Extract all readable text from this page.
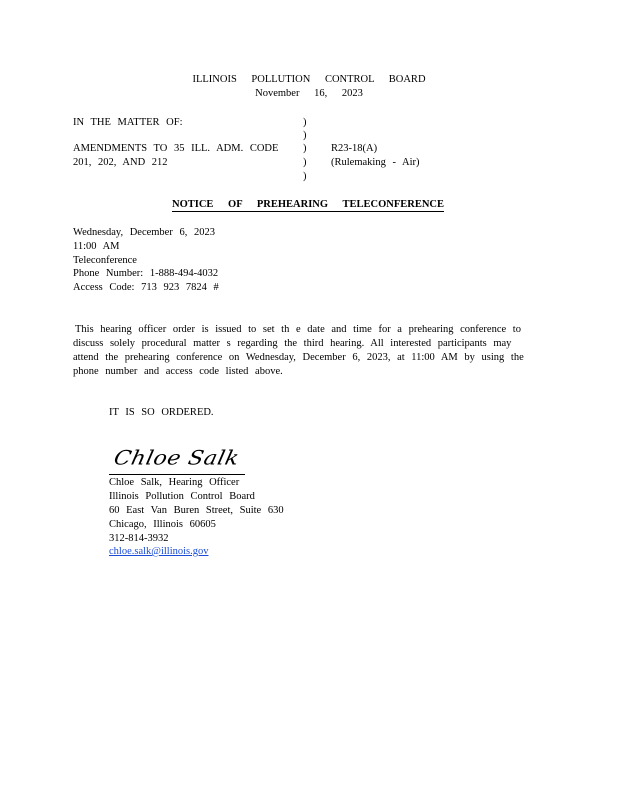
ILLINOIS POLLUTION CONTROL BOARD
November 16, 2023
IN THE MATTER OF:	)
)
AMENDMENTS TO 35 ILL. ADM. CODE ) R23-18(A)
201, 202, AND 212	) (Rulemaking - Air)
)
NOTICE OF PREHEARING TELECONFERENCE
Wednesday, December 6, 2023
11:00 AM
Teleconference
Phone Number: 1-888-494-4032
Access Code: 713 923 7824 #
This hearing officer order is issued to set th e date and time for a prehearing conference to
discuss solely procedural matter s regarding the third hearing. All interested participants may
attend the prehearing conference on Wednesday, December 6, 2023, at 11:00 AM by using the
phone number and access code listed above.
IT IS SO ORDERED.
Chloe Salk
Chloe Salk, Hearing Officer
Illinois Pollution Control Board
60 East Van Buren Street, Suite 630
Chicago, Illinois 60605
312-814-3932
chloe.salk@illinois.gov
